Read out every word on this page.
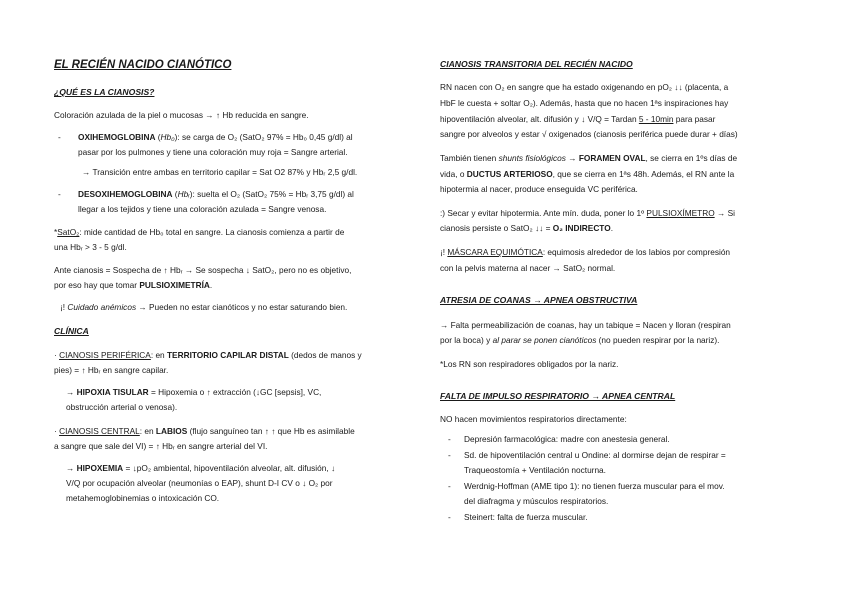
EL RECIÉN NACIDO CIANÓTICO
¿QUÉ ES LA CIANOSIS?
Coloración azulada de la piel o mucosas → ↑ Hb reducida en sangre.
- OXIHEMOGLOBINA (Hb₀): se carga de O₂ (SatO₂ 97% = Hb₀ 0,45 g/dl) al
pasar por los pulmones y tiene una coloración muy roja = Sangre arterial.
→ Transición entre ambas en territorio capilar = Sat O2 87% y Hbᵣ 2,5 g/dl.
- DESOXIHEMOGLOBINA (Hbᵣ): suelta el O₂ (SatO₂ 75% = Hbᵣ 3,75 g/dl) al
llegar a los tejidos y tiene una coloración azulada = Sangre venosa.
*SatO₂: mide cantidad de Hb₀ total en sangre. La cianosis comienza a partir de
una Hbᵣ > 3 - 5 g/dl.
Ante cianosis = Sospecha de ↑ Hbᵣ → Se sospecha ↓ SatO₂, pero no es objetivo,
por eso hay que tomar PULSIOXIMETRÍA.
¡! Cuidado anémicos → Pueden no estar cianóticos y no estar saturando bien.
CLÍNICA
· CIANOSIS PERIFÉRICA: en TERRITORIO CAPILAR DISTAL (dedos de manos y
pies) = ↑ Hbᵣ en sangre capilar.
→ HIPOXIA TISULAR = Hipoxemia o ↑ extracción (↓GC [sepsis], VC,
obstrucción arterial o venosa).
· CIANOSIS CENTRAL: en LABIOS (flujo sanguíneo tan ↑ ↑ que Hb es asimilable
a sangre que sale del VI) = ↑ Hbᵣ en sangre arterial del VI.
→ HIPOXEMIA = ↓pO₂ ambiental, hipoventilación alveolar, alt. difusión, ↓
V/Q por ocupación alveolar (neumonías o EAP), shunt D-I CV o ↓ O₂ por
metahemoglobinemias o intoxicación CO.
CIANOSIS TRANSITORIA DEL RECIÉN NACIDO
RN nacen con O₂ en sangre que ha estado oxigenando en pO₂ ↓↓ (placenta, a
HbF le cuesta + soltar O₂). Además, hasta que no hacen 1ªs inspiraciones hay
hipoventilación alveolar, alt. difusión y ↓ V/Q = Tardan 5 - 10min para pasar
sangre por alveolos y estar √ oxigenados (cianosis periférica puede durar + días)
También tienen shunts fisiológicos → FORAMEN OVAL, se cierra en 1ºs días de
vida, o DUCTUS ARTERIOSO, que se cierra en 1ªs 48h. Además, el RN ante la
hipotermia al nacer, produce enseguida VC periférica.
:) Secar y evitar hipotermia. Ante mín. duda, poner lo 1º PULSIOXÍMETRO → Si
cianosis persiste o SatO₂ ↓↓ = O₂ INDIRECTO.
¡! MÁSCARA EQUIMÓTICA: equimosis alrededor de los labios por compresión
con la pelvis materna al nacer → SatO₂ normal.
ATRESIA DE COANAS → APNEA OBSTRUCTIVA
→ Falta permeabilización de coanas, hay un tabique = Nacen y lloran (respiran
por la boca) y al parar se ponen cianóticos (no pueden respirar por la nariz).
*Los RN son respiradores obligados por la nariz.
FALTA DE IMPULSO RESPIRATORIO → APNEA CENTRAL
NO hacen movimientos respiratorios directamente:
- Depresión farmacológica: madre con anestesia general.
- Sd. de hipoventilación central u Ondine: al dormirse dejan de respirar =
Traqueostomía + Ventilación nocturna.
- Werdnig-Hoffman (AME tipo 1): no tienen fuerza muscular para el mov.
del diafragma y músculos respiratorios.
- Steinert: falta de fuerza muscular.
